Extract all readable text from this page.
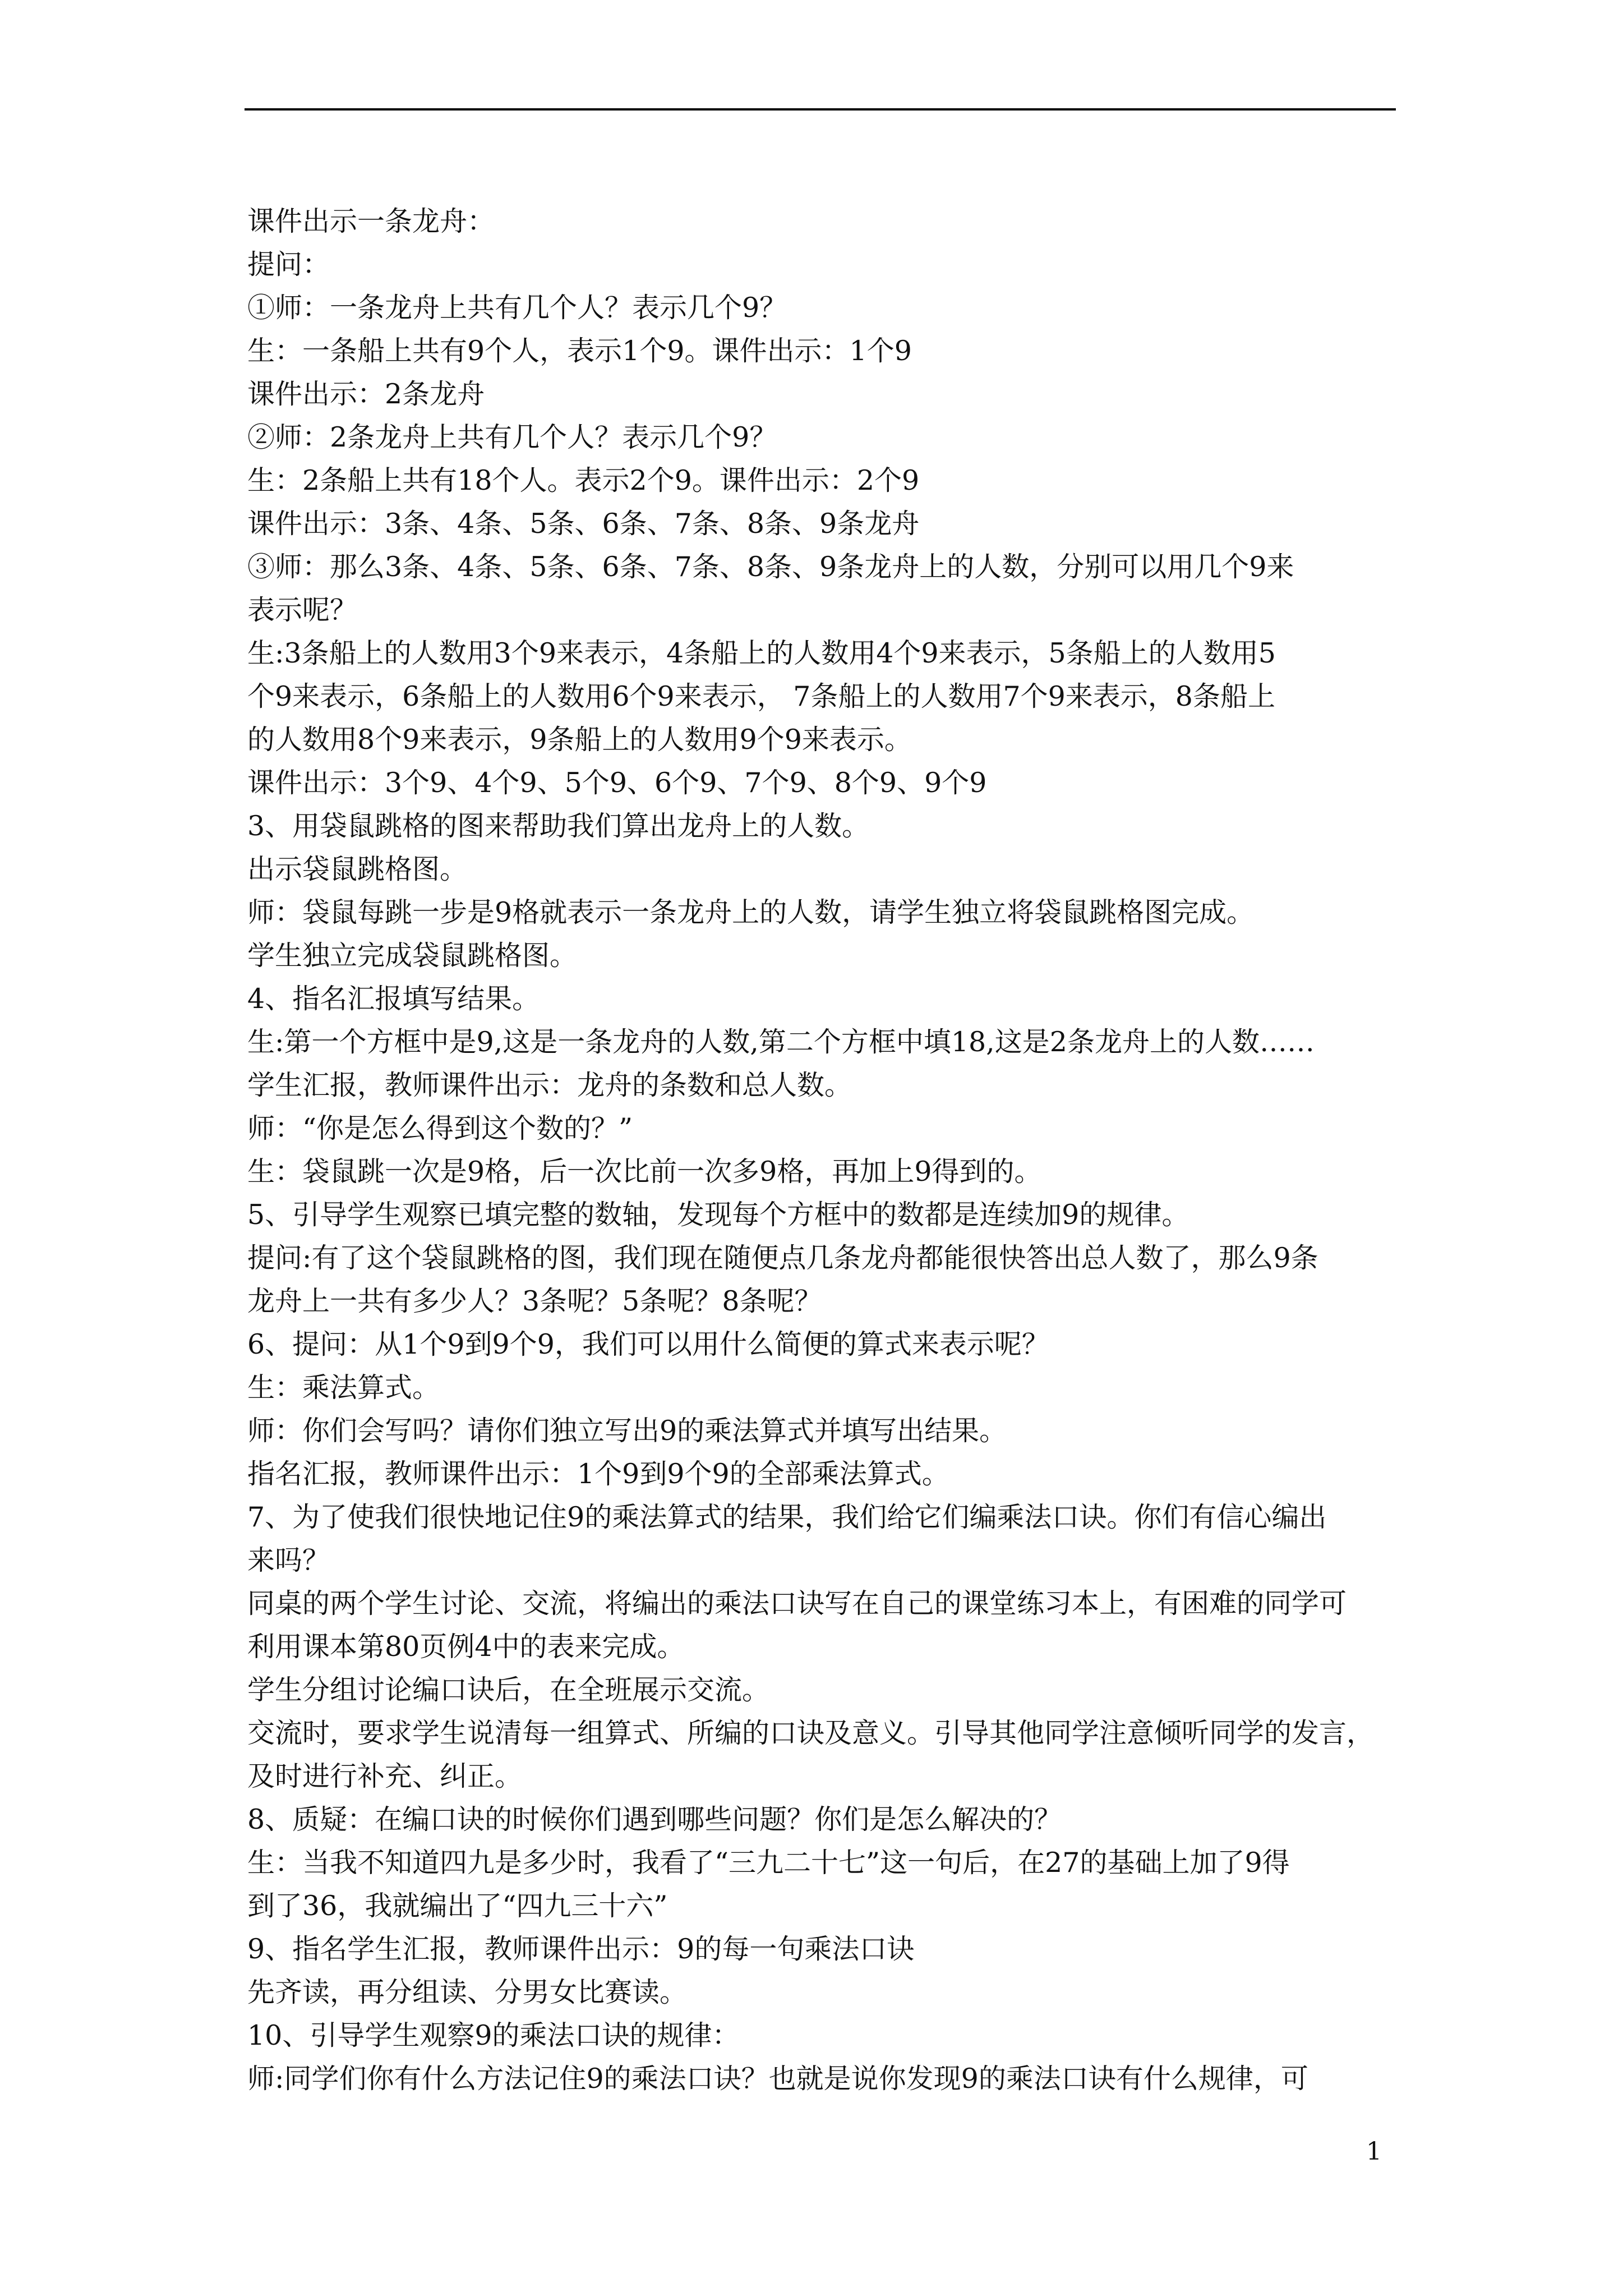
课件出示一条龙舟：
提问：
①师：一条龙舟上共有几个人？表示几个9？
生：一条船上共有9个人，表示1个9。课件出示：1个9
课件出示：2条龙舟
②师：2条龙舟上共有几个人？表示几个9？
生：2条船上共有18个人。表示2个9。课件出示：2个9
课件出示：3条、4条、5条、6条、7条、8条、9条龙舟
③师：那么3条、4条、5条、6条、7条、8条、9条龙舟上的人数，分别可以用几个9来
表示呢？
生:3条船上的人数用3个9来表示，4条船上的人数用4个9来表示，5条船上的人数用5
个9来表示，6条船上的人数用6个9来表示， 7条船上的人数用7个9来表示，8条船上
的人数用8个9来表示，9条船上的人数用9个9来表示。
课件出示：3个9、4个9、5个9、6个9、7个9、8个9、9个9
3、用袋鼠跳格的图来帮助我们算出龙舟上的人数。
出示袋鼠跳格图。
师：袋鼠每跳一步是9格就表示一条龙舟上的人数，请学生独立将袋鼠跳格图完成。
学生独立完成袋鼠跳格图。
4、指名汇报填写结果。
生:第一个方框中是9,这是一条龙舟的人数,第二个方框中填18,这是2条龙舟上的人数……
学生汇报，教师课件出示：龙舟的条数和总人数。
师：“你是怎么得到这个数的？”
生：袋鼠跳一次是9格，后一次比前一次多9格，再加上9得到的。
5、引导学生观察已填完整的数轴，发现每个方框中的数都是连续加9的规律。
提问:有了这个袋鼠跳格的图，我们现在随便点几条龙舟都能很快答出总人数了，那么9条
龙舟上一共有多少人？3条呢？5条呢？8条呢？
6、提问：从1个9到9个9，我们可以用什么简便的算式来表示呢？
生：乘法算式。
师：你们会写吗？请你们独立写出9的乘法算式并填写出结果。
指名汇报，教师课件出示：1个9到9个9的全部乘法算式。
7、为了使我们很快地记住9的乘法算式的结果，我们给它们编乘法口诀。你们有信心编出
来吗？
同桌的两个学生讨论、交流，将编出的乘法口诀写在自己的课堂练习本上，有困难的同学可
利用课本第80页例4中的表来完成。
学生分组讨论编口诀后，在全班展示交流。
交流时，要求学生说清每一组算式、所编的口诀及意义。引导其他同学注意倾听同学的发言，
及时进行补充、纠正。
8、质疑：在编口诀的时候你们遇到哪些问题？你们是怎么解决的？
生：当我不知道四九是多少时，我看了“三九二十七”这一句后，在27的基础上加了9得
到了36，我就编出了“四九三十六”
9、指名学生汇报，教师课件出示：9的每一句乘法口诀
先齐读，再分组读、分男女比赛读。
10、引导学生观察9的乘法口诀的规律：
师:同学们你有什么方法记住9的乘法口诀？也就是说你发现9的乘法口诀有什么规律，可
1
